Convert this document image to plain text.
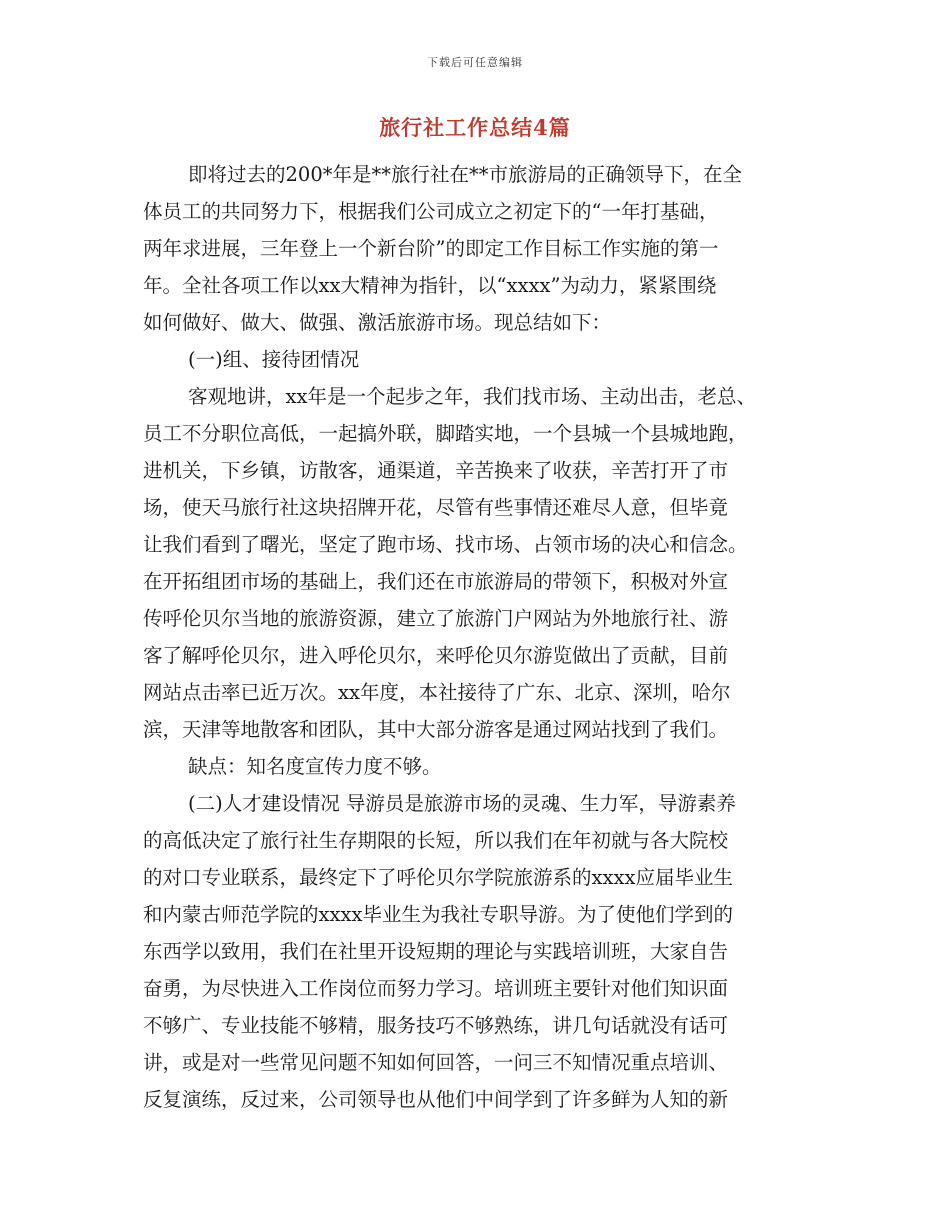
下载后可任意编辑
旅行社工作总结4篇
即将过去的200*年是**旅行社在**市旅游局的正确领导下，在全
体员工的共同努力下，根据我们公司成立之初定下的“一年打基础，
两年求进展，三年登上一个新台阶”的即定工作目标工作实施的第一
年。全社各项工作以xx大精神为指针，以“xxxx”为动力，紧紧围绕
如何做好、做大、做强、激活旅游市场。现总结如下：
(一)组、接待团情况
客观地讲，xx年是一个起步之年，我们找市场、主动出击，老总、
员工不分职位高低，一起搞外联，脚踏实地，一个县城一个县城地跑，
进机关，下乡镇，访散客，通渠道，辛苦换来了收获，辛苦打开了市
场，使天马旅行社这块招牌开花，尽管有些事情还难尽人意，但毕竟
让我们看到了曙光，坚定了跑市场、找市场、占领市场的决心和信念。
在开拓组团市场的基础上，我们还在市旅游局的带领下，积极对外宣
传呼伦贝尔当地的旅游资源，建立了旅游门户网站为外地旅行社、游
客了解呼伦贝尔，进入呼伦贝尔，来呼伦贝尔游览做出了贡献，目前
网站点击率已近万次。xx年度，本社接待了广东、北京、深圳，哈尔
滨，天津等地散客和团队，其中大部分游客是通过网站找到了我们。
缺点：知名度宣传力度不够。
(二)人才建设情况 导游员是旅游市场的灵魂、生力军，导游素养
的高低决定了旅行社生存期限的长短，所以我们在年初就与各大院校
的对口专业联系，最终定下了呼伦贝尔学院旅游系的xxxx应届毕业生
和内蒙古师范学院的xxxx毕业生为我社专职导游。为了使他们学到的
东西学以致用，我们在社里开设短期的理论与实践培训班，大家自告
奋勇，为尽快进入工作岗位而努力学习。培训班主要针对他们知识面
不够广、专业技能不够精，服务技巧不够熟练，讲几句话就没有话可
讲，或是对一些常见问题不知如何回答，一问三不知情况重点培训、
反复演练，反过来，公司领导也从他们中间学到了许多鲜为人知的新
